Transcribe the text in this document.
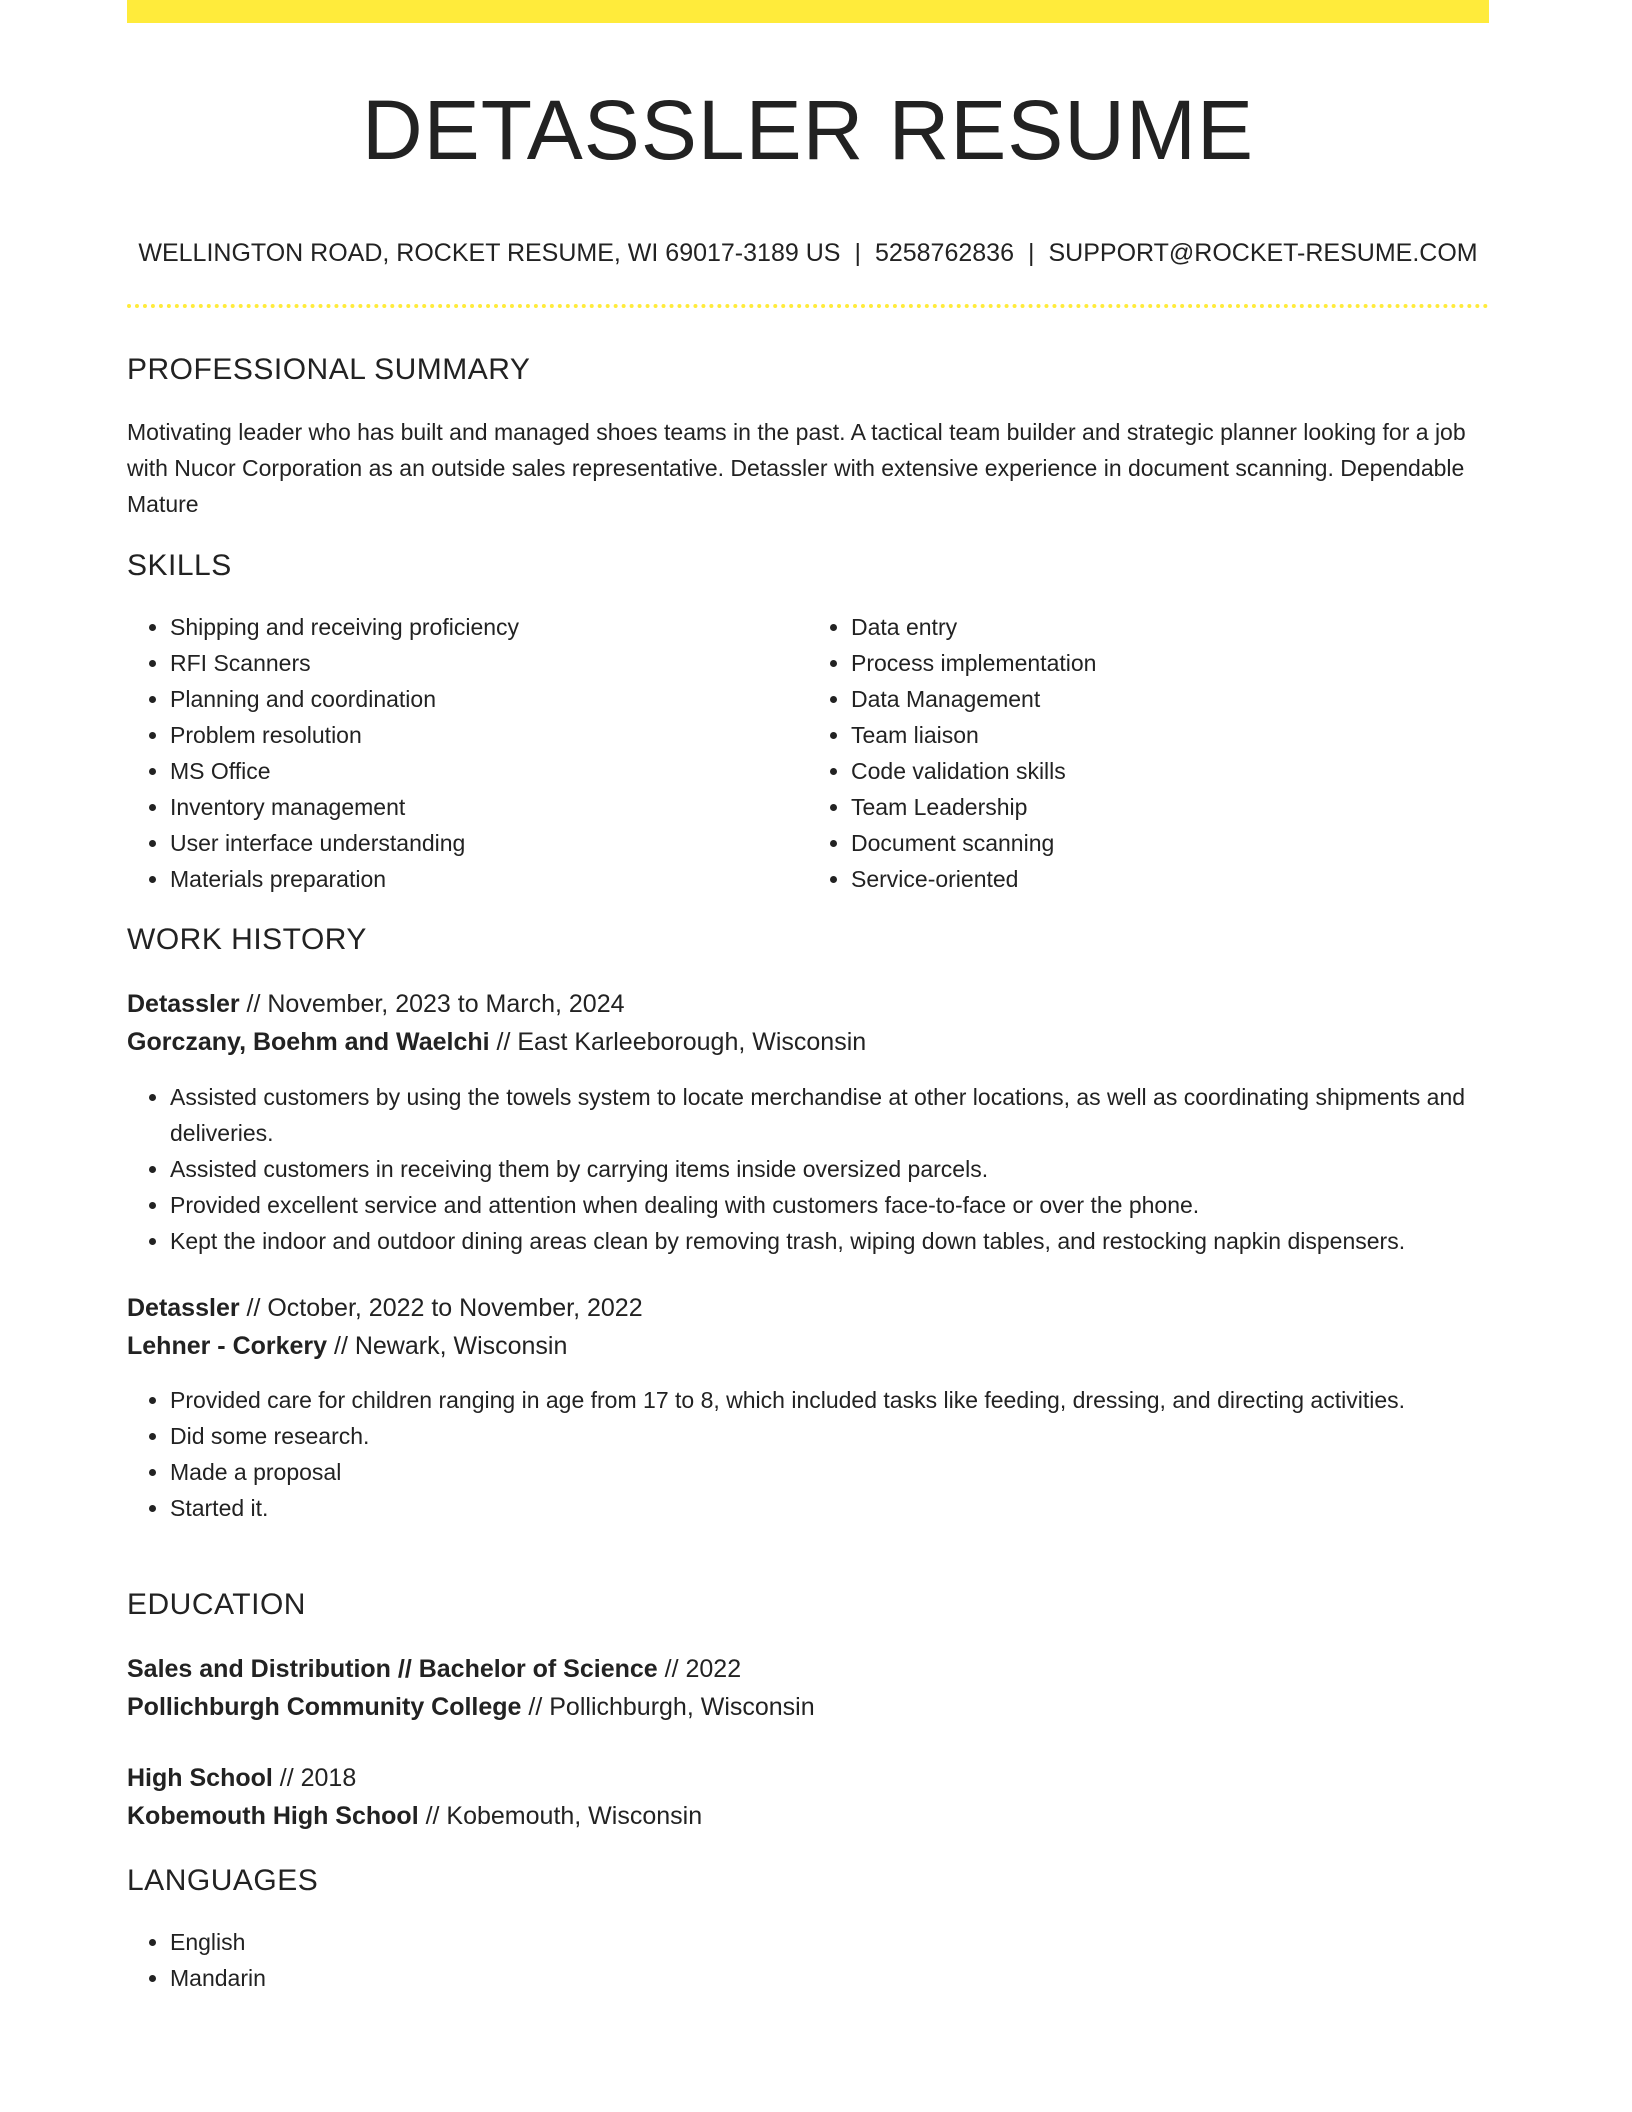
DETASSLER RESUME
WELLINGTON ROAD, ROCKET RESUME, WI 69017-3189 US | 5258762836 | SUPPORT@ROCKET-RESUME.COM
PROFESSIONAL SUMMARY

Motivating leader who has built and managed shoes teams in the past. A tactical team builder and strategic planner looking for a job with Nucor Corporation as an outside sales representative. Detassler with extensive experience in document scanning. Dependable Mature

SKILLS
• Shipping and receiving proficiency
• RFI Scanners
• Planning and coordination
• Problem resolution
• MS Office
• Inventory management
• User interface understanding
• Materials preparation
• Data entry
• Process implementation
• Data Management
• Team liaison
• Code validation skills
• Team Leadership
• Document scanning
• Service-oriented
WORK HISTORY

Detassler // November, 2023 to March, 2024

Gorczany, Boehm and Waelchi // East Karleeborough, Wisconsin

• Assisted customers by using the towels system to locate merchandise at other locations, as well as coordinating shipments and deliveries.
• Assisted customers in receiving them by carrying items inside oversized parcels.
• Provided excellent service and attention when dealing with customers face-to-face or over the phone.
• Kept the indoor and outdoor dining areas clean by removing trash, wiping down tables, and restocking napkin dispensers.

Detassler // October, 2022 to November, 2022

Lehner - Corkery // Newark, Wisconsin

• Provided care for children ranging in age from 17 to 8, which included tasks like feeding, dressing, and directing activities.
• Did some research.
• Made a proposal
• Started it.
EDUCATION

Sales and Distribution // Bachelor of Science // 2022

Pollichburgh Community College // Pollichburgh, Wisconsin

High School // 2018

Kobemouth High School // Kobemouth, Wisconsin

LANGUAGES
• English
• Mandarin
